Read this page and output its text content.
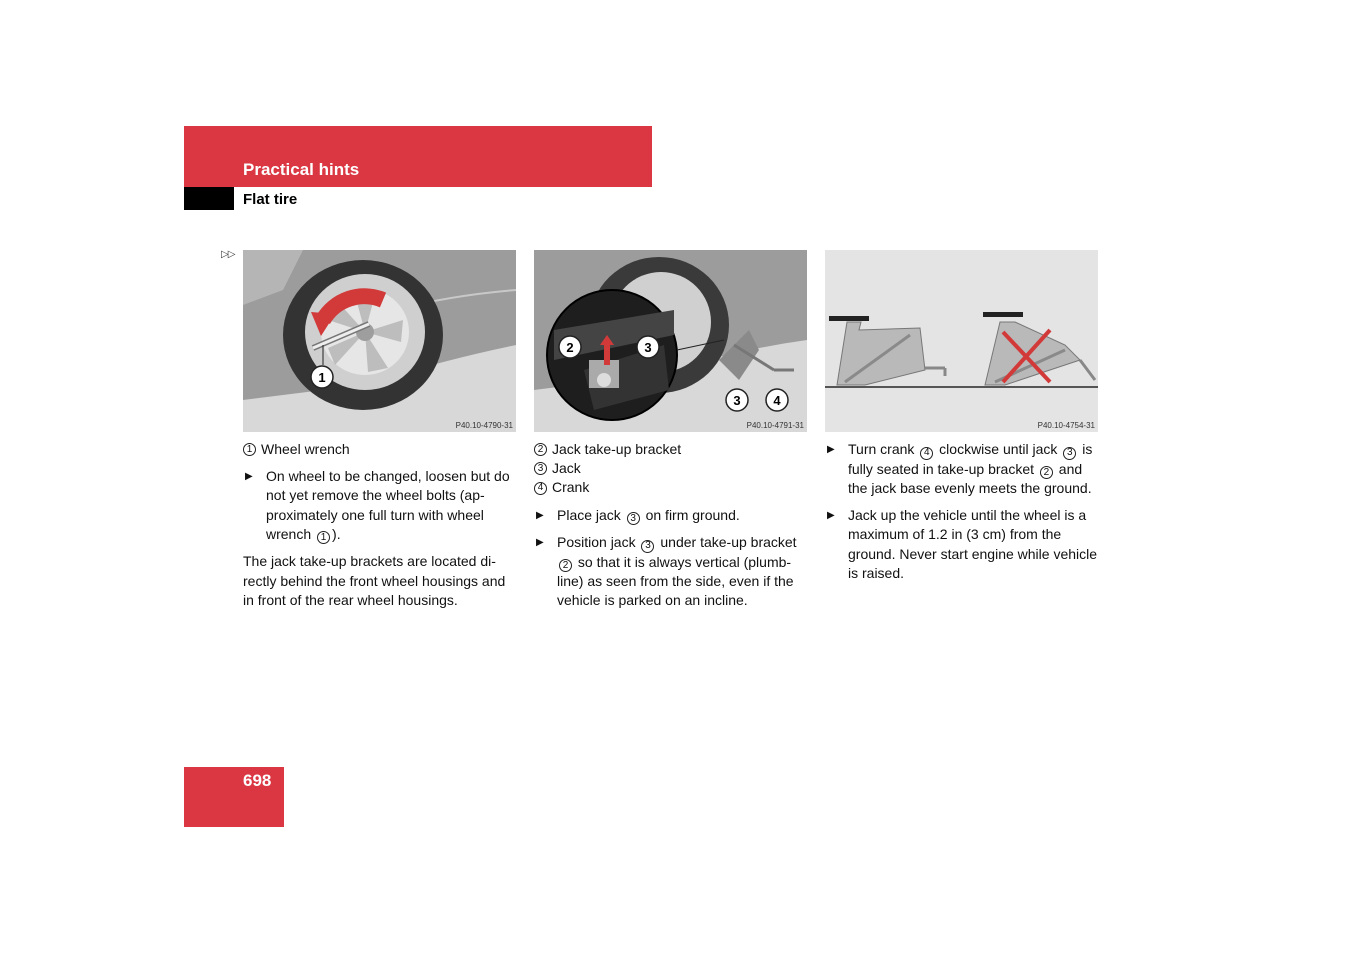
Practical hints
Flat tire
▷▷
1
P40.10-4790-31
2	3
3	4
P40.10-4791-31	P40.10-4754-31
1 Wheel wrench
▶ On wheel to be changed, loosen but do not yet remove the wheel bolts (ap-proximately one full turn with wheel wrench 1 ).
The jack take-up brackets are located di-rectly behind the front wheel housings and in front of the rear wheel housings.
2 Jack take-up bracket
3 Jack
4 Crank
▶ Place jack 3 on firm ground.
▶ Position jack 3 under take-up bracket 2 so that it is always vertical (plumb-line) as seen from the side, even if the vehicle is parked on an incline.
▶ Turn crank 4 clockwise until jack 3 is fully seated in take-up bracket 2 and the jack base evenly meets the ground.
▶ Jack up the vehicle until the wheel is a maximum of 1.2 in (3 cm) from the ground. Never start engine while vehicle is raised.
698
